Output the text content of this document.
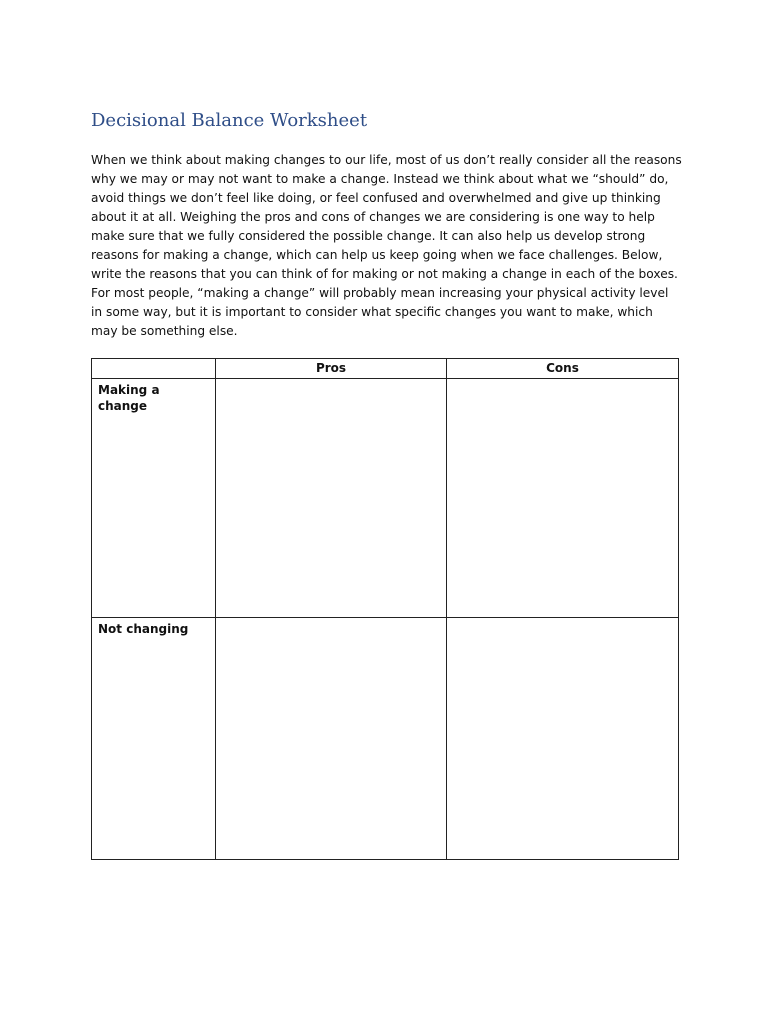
Decisional Balance Worksheet

When we think about making changes to our life, most of us don’t really consider all the reasons why we may or may not want to make a change. Instead we think about what we “should” do, avoid things we don’t feel like doing, or feel confused and overwhelmed and give up thinking about it at all. Weighing the pros and cons of changes we are considering is one way to help make sure that we fully considered the possible change. It can also help us develop strong reasons for making a change, which can help us keep going when we face challenges. Below, write the reasons that you can think of for making or not making a change in each of the boxes. For most people, “making a change” will probably mean increasing your physical activity level in some way, but it is important to consider what specific changes you want to make, which may be something else.

	Pros	Cons
Making a change		
Not changing		
